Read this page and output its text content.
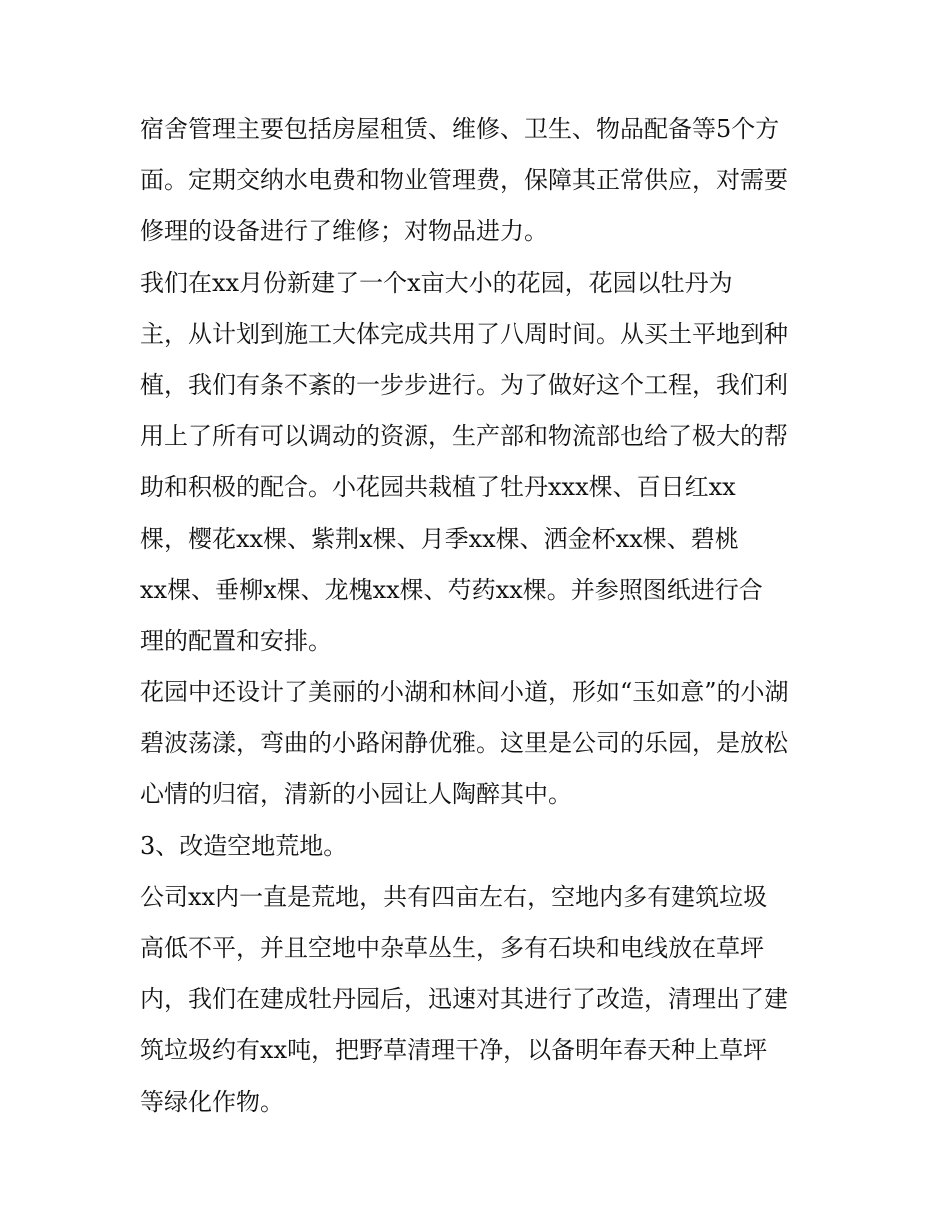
宿舍管理主要包括房屋租赁、维修、卫生、物品配备等5个方
面。定期交纳水电费和物业管理费，保障其正常供应，对需要
修理的设备进行了维修；对物品进力。
我们在xx月份新建了一个x亩大小的花园，花园以牡丹为
主，从计划到施工大体完成共用了八周时间。从买土平地到种
植，我们有条不紊的一步步进行。为了做好这个工程，我们利
用上了所有可以调动的资源，生产部和物流部也给了极大的帮
助和积极的配合。小花园共栽植了牡丹xxx棵、百日红xx
棵，樱花xx棵、紫荆x棵、月季xx棵、洒金杯xx棵、碧桃
xx棵、垂柳x棵、龙槐xx棵、芍药xx棵。并参照图纸进行合
理的配置和安排。
花园中还设计了美丽的小湖和林间小道，形如“玉如意”的小湖
碧波荡漾，弯曲的小路闲静优雅。这里是公司的乐园，是放松
心情的归宿，清新的小园让人陶醉其中。
3、改造空地荒地。
公司xx内一直是荒地，共有四亩左右，空地内多有建筑垃圾
高低不平，并且空地中杂草丛生，多有石块和电线放在草坪
内，我们在建成牡丹园后，迅速对其进行了改造，清理出了建
筑垃圾约有xx吨，把野草清理干净，以备明年春天种上草坪
等绿化作物。
